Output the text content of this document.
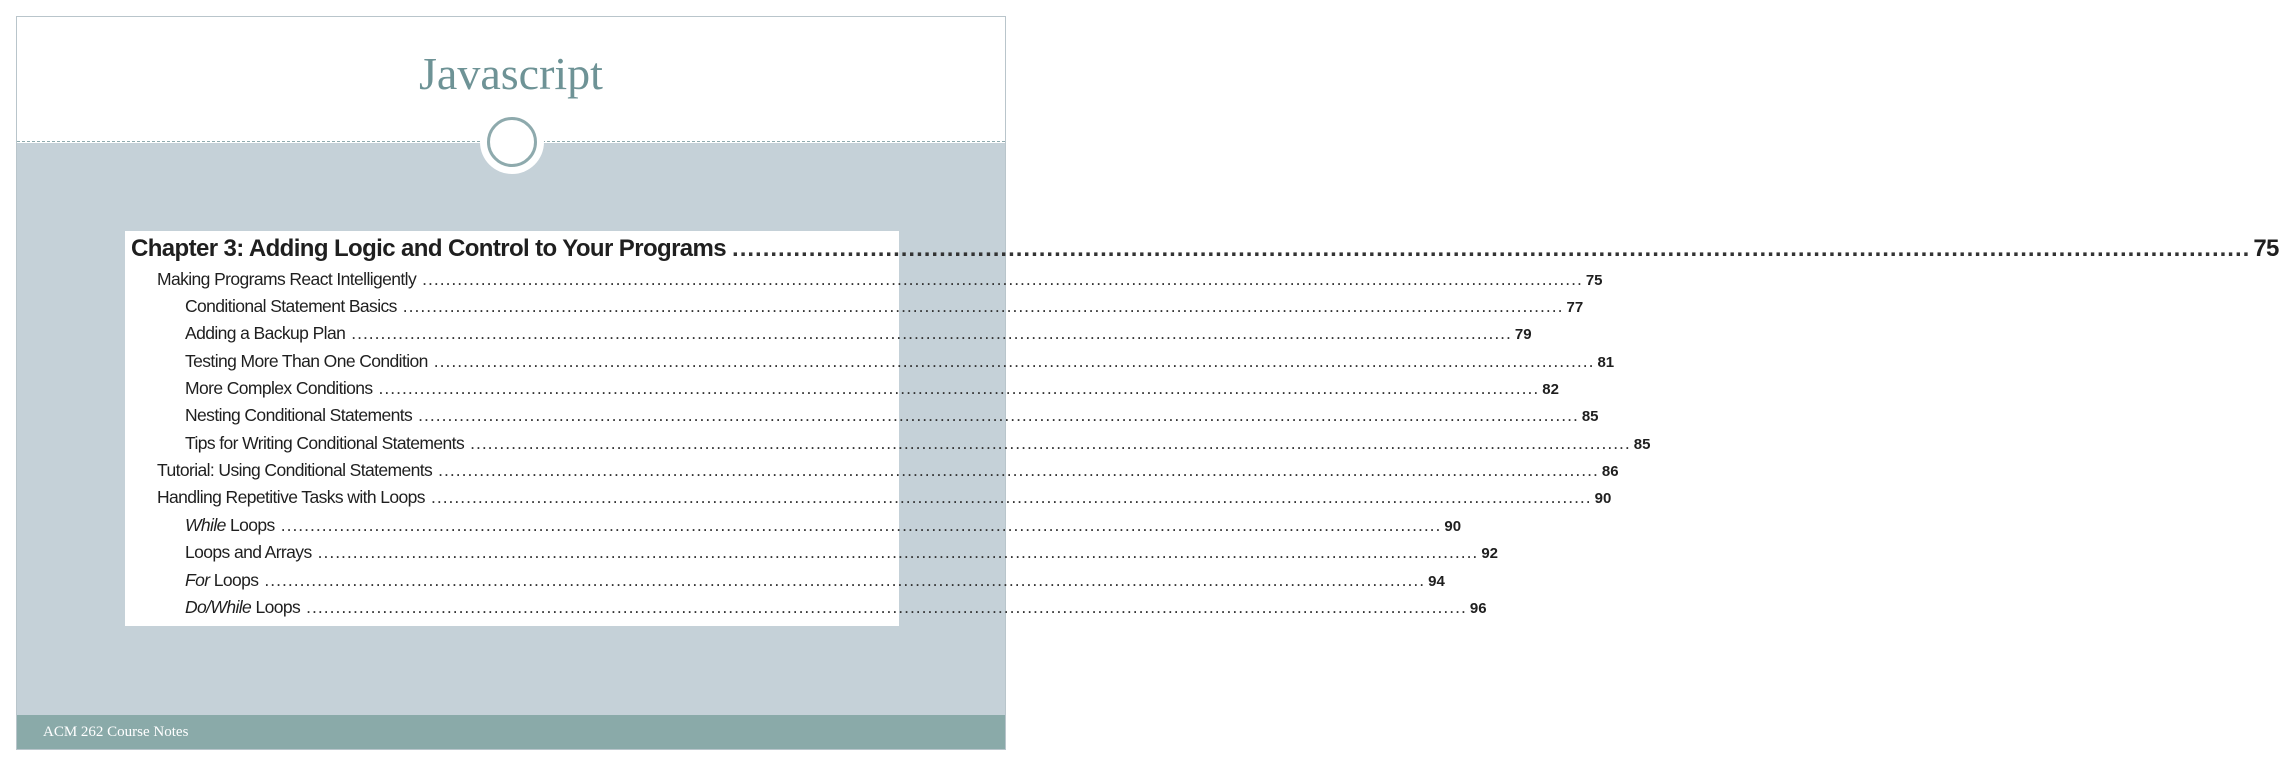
Javascript
Chapter 3: Adding Logic and Control to Your Programs ...................................................................................................................................................................................................... 75
Making Programs React Intelligently ...................................................................................................................................................................................................... 75
Conditional Statement Basics ...................................................................................................................................................................................................... 77
Adding a Backup Plan ...................................................................................................................................................................................................... 79
Testing More Than One Condition ...................................................................................................................................................................................................... 81
More Complex Conditions ...................................................................................................................................................................................................... 82
Nesting Conditional Statements ...................................................................................................................................................................................................... 85
Tips for Writing Conditional Statements ...................................................................................................................................................................................................... 85
Tutorial: Using Conditional Statements ...................................................................................................................................................................................................... 86
Handling Repetitive Tasks with Loops ...................................................................................................................................................................................................... 90
While Loops ...................................................................................................................................................................................................... 90
Loops and Arrays ...................................................................................................................................................................................................... 92
For Loops ...................................................................................................................................................................................................... 94
Do/While Loops ...................................................................................................................................................................................................... 96
ACM 262 Course Notes
